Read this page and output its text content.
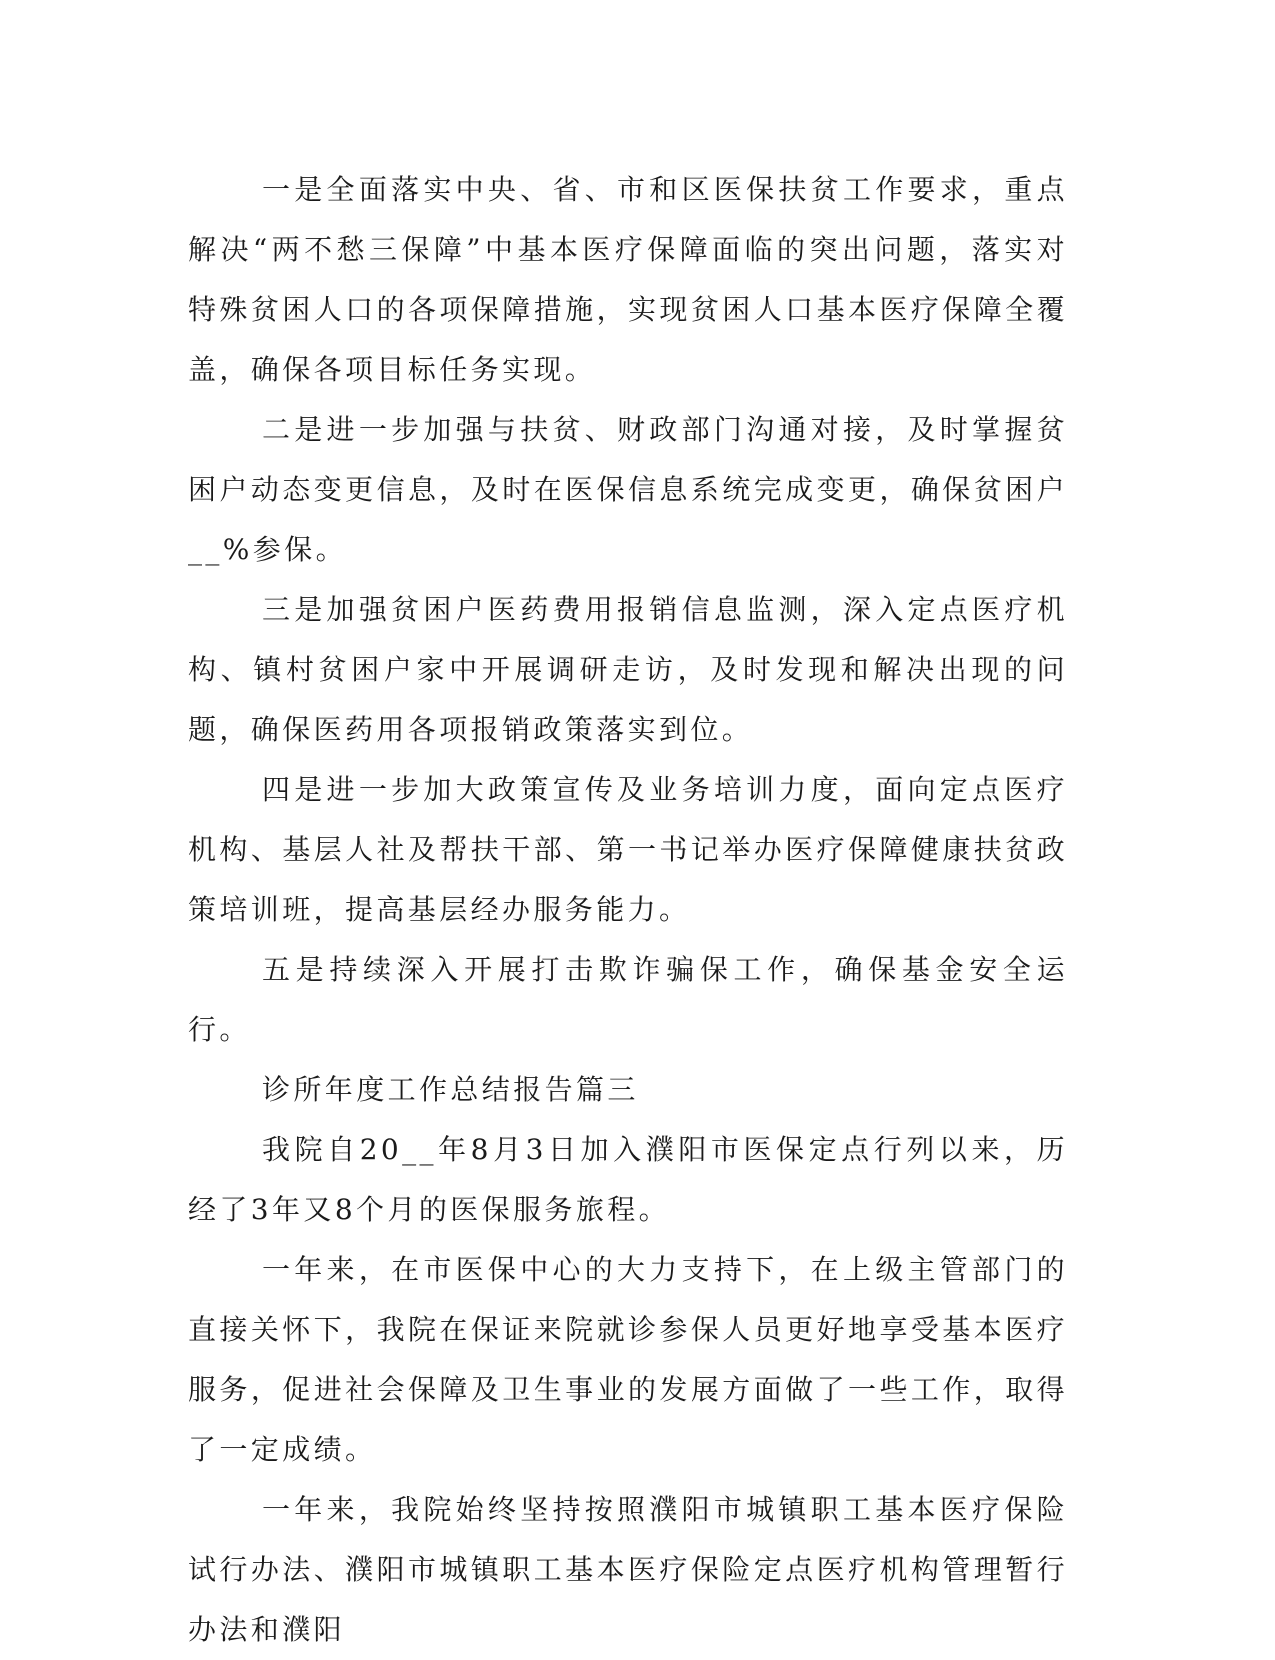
一是全面落实中央、省、市和区医保扶贫工作要求，重点解决“两不愁三保障”中基本医疗保障面临的突出问题，落实对特殊贫困人口的各项保障措施，实现贫困人口基本医疗保障全覆盖，确保各项目标任务实现。

二是进一步加强与扶贫、财政部门沟通对接，及时掌握贫困户动态变更信息，及时在医保信息系统完成变更，确保贫困户__%参保。

三是加强贫困户医药费用报销信息监测，深入定点医疗机构、镇村贫困户家中开展调研走访，及时发现和解决出现的问题，确保医药用各项报销政策落实到位。

四是进一步加大政策宣传及业务培训力度，面向定点医疗机构、基层人社及帮扶干部、第一书记举办医疗保障健康扶贫政策培训班，提高基层经办服务能力。

五是持续深入开展打击欺诈骗保工作，确保基金安全运行。

诊所年度工作总结报告篇三

我院自20__年8月3日加入濮阳市医保定点行列以来，历经了3年又8个月的医保服务旅程。

一年来，在市医保中心的大力支持下，在上级主管部门的直接关怀下，我院在保证来院就诊参保人员更好地享受基本医疗服务，促进社会保障及卫生事业的发展方面做了一些工作，取得了一定成绩。

一年来，我院始终坚持按照濮阳市城镇职工基本医疗保险试行办法、濮阳市城镇职工基本医疗保险定点医疗机构管理暂行办法和濮阳
